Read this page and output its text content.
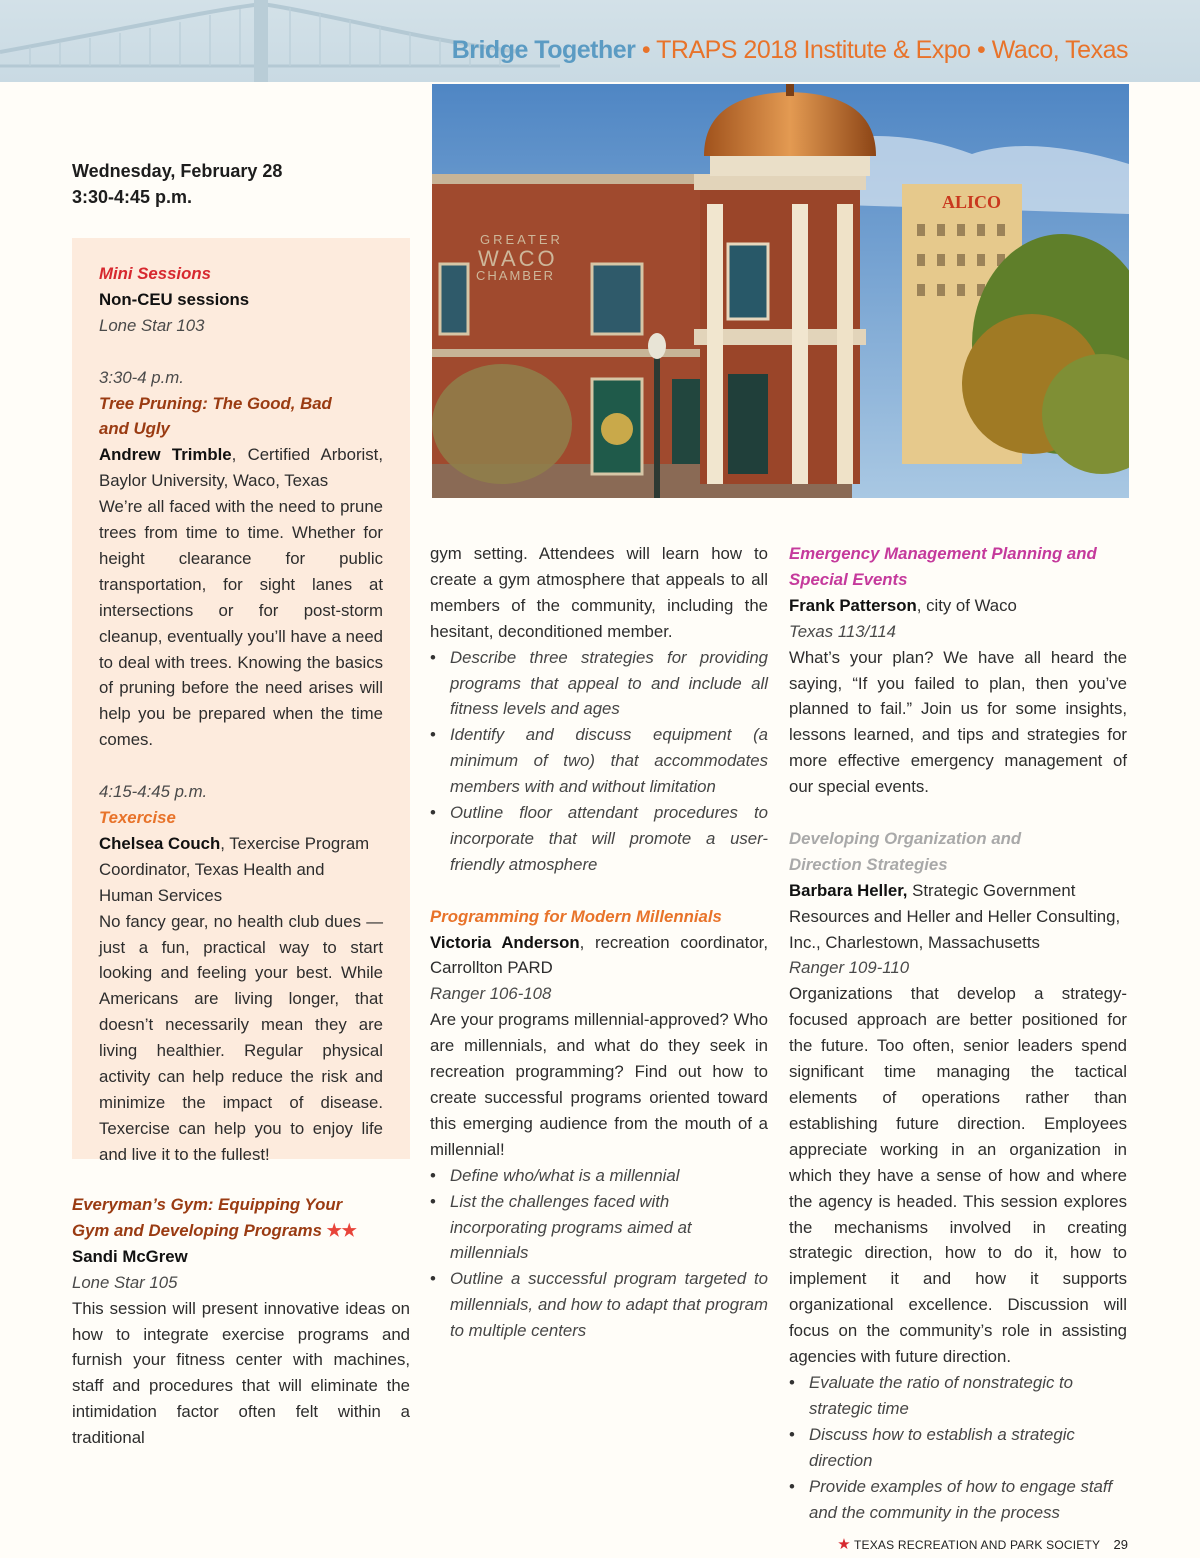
Bridge Together • TRAPS 2018 Institute & Expo • Waco, Texas
Wednesday, February 28
3:30-4:45 p.m.	ALICO
GREATER
WACO
CHAMBER

Mini Sessions

Non-CEU sessions

Lone Star 103

3:30-4 p.m.

Tree Pruning: The Good, Bad

and Ugly

Andrew Trimble, Certified Arborist, Baylor University, Waco, Texas

We’re all faced with the need to prune trees from time to time. Whether for height clearance for public transportation, for sight lanes at intersections or for post-storm cleanup, eventually you’ll have a need to deal with trees. Knowing the basics of pruning before the need arises will help you be prepared when the time comes.

4:15-4:45 p.m.

Texercise

Chelsea Couch, Texercise Program Coordinator, Texas Health and Human Services

No fancy gear, no health club dues — just a fun, practical way to start looking and feeling your best. While Americans are living longer, that doesn’t necessarily mean they are living healthier. Regular physical activity can help reduce the risk and minimize the impact of disease. Texercise can help you to enjoy life and live it to the fullest!

Everyman’s Gym: Equipping Your

Gym and Developing Programs ★★

Sandi McGrew

Lone Star 105

This session will present innovative ideas on how to integrate exercise programs and furnish your fitness center with machines, staff and procedures that will eliminate the intimidation factor often felt within a traditional

gym setting. Attendees will learn how to create a gym atmosphere that appeals to all members of the community, including the hesitant, deconditioned member.

• Describe three strategies for providing programs that appeal to and include all fitness levels and ages
• Identify and discuss equipment (a minimum of two) that accommodates members with and without limitation
• Outline floor attendant procedures to incorporate that will promote a user-friendly atmosphere

Programming for Modern Millennials

Victoria Anderson, recreation coordinator, Carrollton PARD

Ranger 106-108

Are your programs millennial-approved? Who are millennials, and what do they seek in recreation programming? Find out how to create successful programs oriented toward this emerging audience from the mouth of a millennial!

• Define who/what is a millennial
• List the challenges faced with incorporating programs aimed at millennials
• Outline a successful program targeted to millennials, and how to adapt that program to multiple centers

Emergency Management Planning and

Special Events

Frank Patterson, city of Waco

Texas 113/114

What’s your plan? We have all heard the saying, “If you failed to plan, then you’ve planned to fail.” Join us for some insights, lessons learned, and tips and strategies for more effective emergency management of our special events.

Developing Organization and

Direction Strategies

Barbara Heller, Strategic Government Resources and Heller and Heller Consulting, Inc., Charlestown, Massachusetts

Ranger 109-110

Organizations that develop a strategy-focused approach are better positioned for the future. Too often, senior leaders spend significant time managing the tactical elements of operations rather than establishing future direction. Employees appreciate working in an organization in which they have a sense of how and where the agency is headed. This session explores the mechanisms involved in creating strategic direction, how to do it, how to implement it and how it supports organizational excellence. Discussion will focus on the community’s role in assisting agencies with future direction.

• Evaluate the ratio of nonstrategic to strategic time
• Discuss how to establish a strategic direction
• Provide examples of how to engage staff and the community in the process
★ TEXAS RECREATION AND PARK SOCIETY 29
